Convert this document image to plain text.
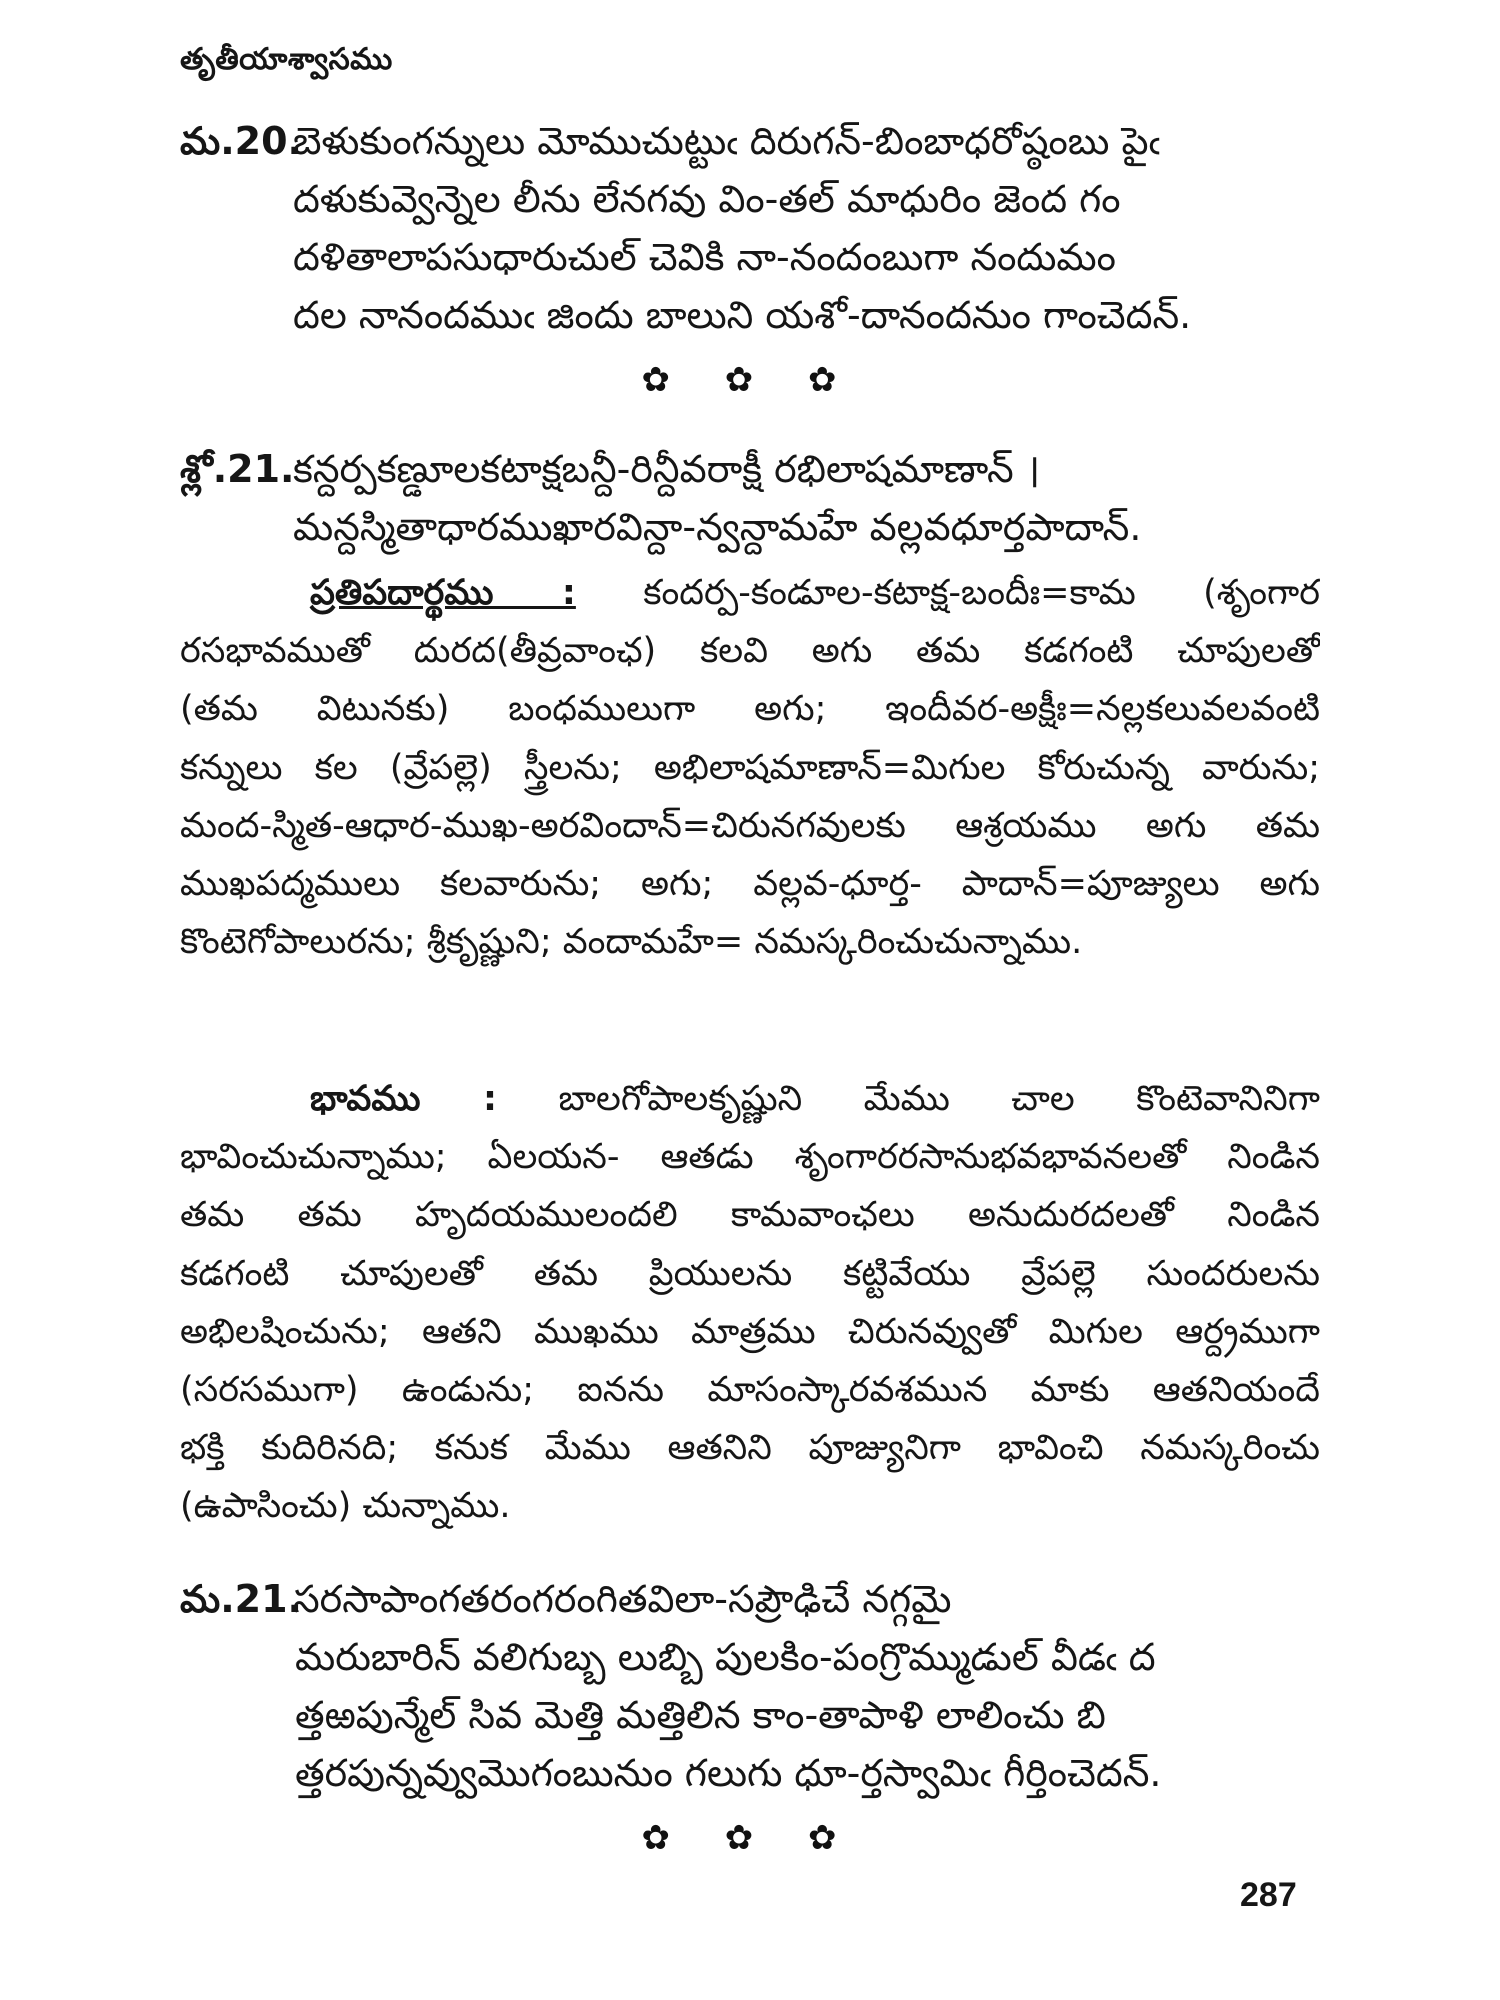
తృతీయాశ్వాసము
మ.20.బెళుకుంగన్నులు మోముచుట్టుఁ దిరుగన్-బింబాధరోష్ఠంబు పైఁ
దళుకువ్వెన్నెల లీను లేనగవు విం-తల్ మాధురిం జెంద గం
దళితాలాపసుధారుచుల్ చెవికి నా-నందంబుగా నందుమం
దల నానందముఁ జిందు బాలుని యశో-దానందనుం గాంచెదన్.
✿ ✿ ✿
శ్లో.21.కన్దర్పకణ్డూలకటాక్షబన్దీ-రిన్దీవరాక్షీ రభిలాషమాణాన్ ।
మన్దస్మితాధారముఖారవిన్దా-న్వన్దామహే వల్లవధూర్తపాదాన్.
ప్రతిపదార్థము : కందర్ప-కండూల-కటాక్ష-బందీః=కామ (శృంగార
రసభావముతో దురద(తీవ్రవాంఛ) కలవి అగు తమ కడగంటి చూపులతో
(తమ విటునకు) బంధములుగా అగు; ఇందీవర-అక్షీః=నల్లకలువలవంటి
కన్నులు కల (వ్రేపల్లె) స్త్రీలను; అభిలాషమాణాన్=మిగుల కోరుచున్న వారును;
మంద-స్మిత-ఆధార-ముఖ-అరవిందాన్=చిరునగవులకు ఆశ్రయము అగు తమ
ముఖపద్మములు కలవారును; అగు; వల్లవ-ధూర్త- పాదాన్=పూజ్యులు అగు
కొంటెగోపాలురను; శ్రీకృష్ణుని; వందామహే= నమస్కరించుచున్నాము.
భావము : బాలగోపాలకృష్ణుని మేము చాల కొంటెవానినిగా
భావించుచున్నాము; ఏలయన- ఆతడు శృంగారరసానుభవభావనలతో నిండిన
తమ తమ హృదయములందలి కామవాంఛలు అనుదురదలతో నిండిన
కడగంటి చూపులతో తమ ప్రియులను కట్టివేయు వ్రేపల్లె సుందరులను
అభిలషించును; ఆతని ముఖము మాత్రము చిరునవ్వుతో మిగుల ఆర్ద్రముగా
(సరసముగా) ఉండును; ఐనను మాసంస్కారవశమున మాకు ఆతనియందే
భక్తి కుదిరినది; కనుక మేము ఆతనిని పూజ్యునిగా భావించి నమస్కరించు
(ఉపాసించు) చున్నాము.
మ.21.సరసాపాంగతరంగరంగితవిలా-సప్రౌఢిచే నగ్గమై
మరుబారిన్ వలిగుబ్బ లుబ్బి పులకిం-పంగ్రొమ్ముడుల్ వీడఁ ద
త్తఱపున్మేల్ సివ మెత్తి మత్తిలిన కాం-తాపాళి లాలించు బి
త్తరపున్నవ్వుమొగంబునుం గలుగు ధూ-ర్తస్వామిఁ గీర్తించెదన్.
✿ ✿ ✿
287
